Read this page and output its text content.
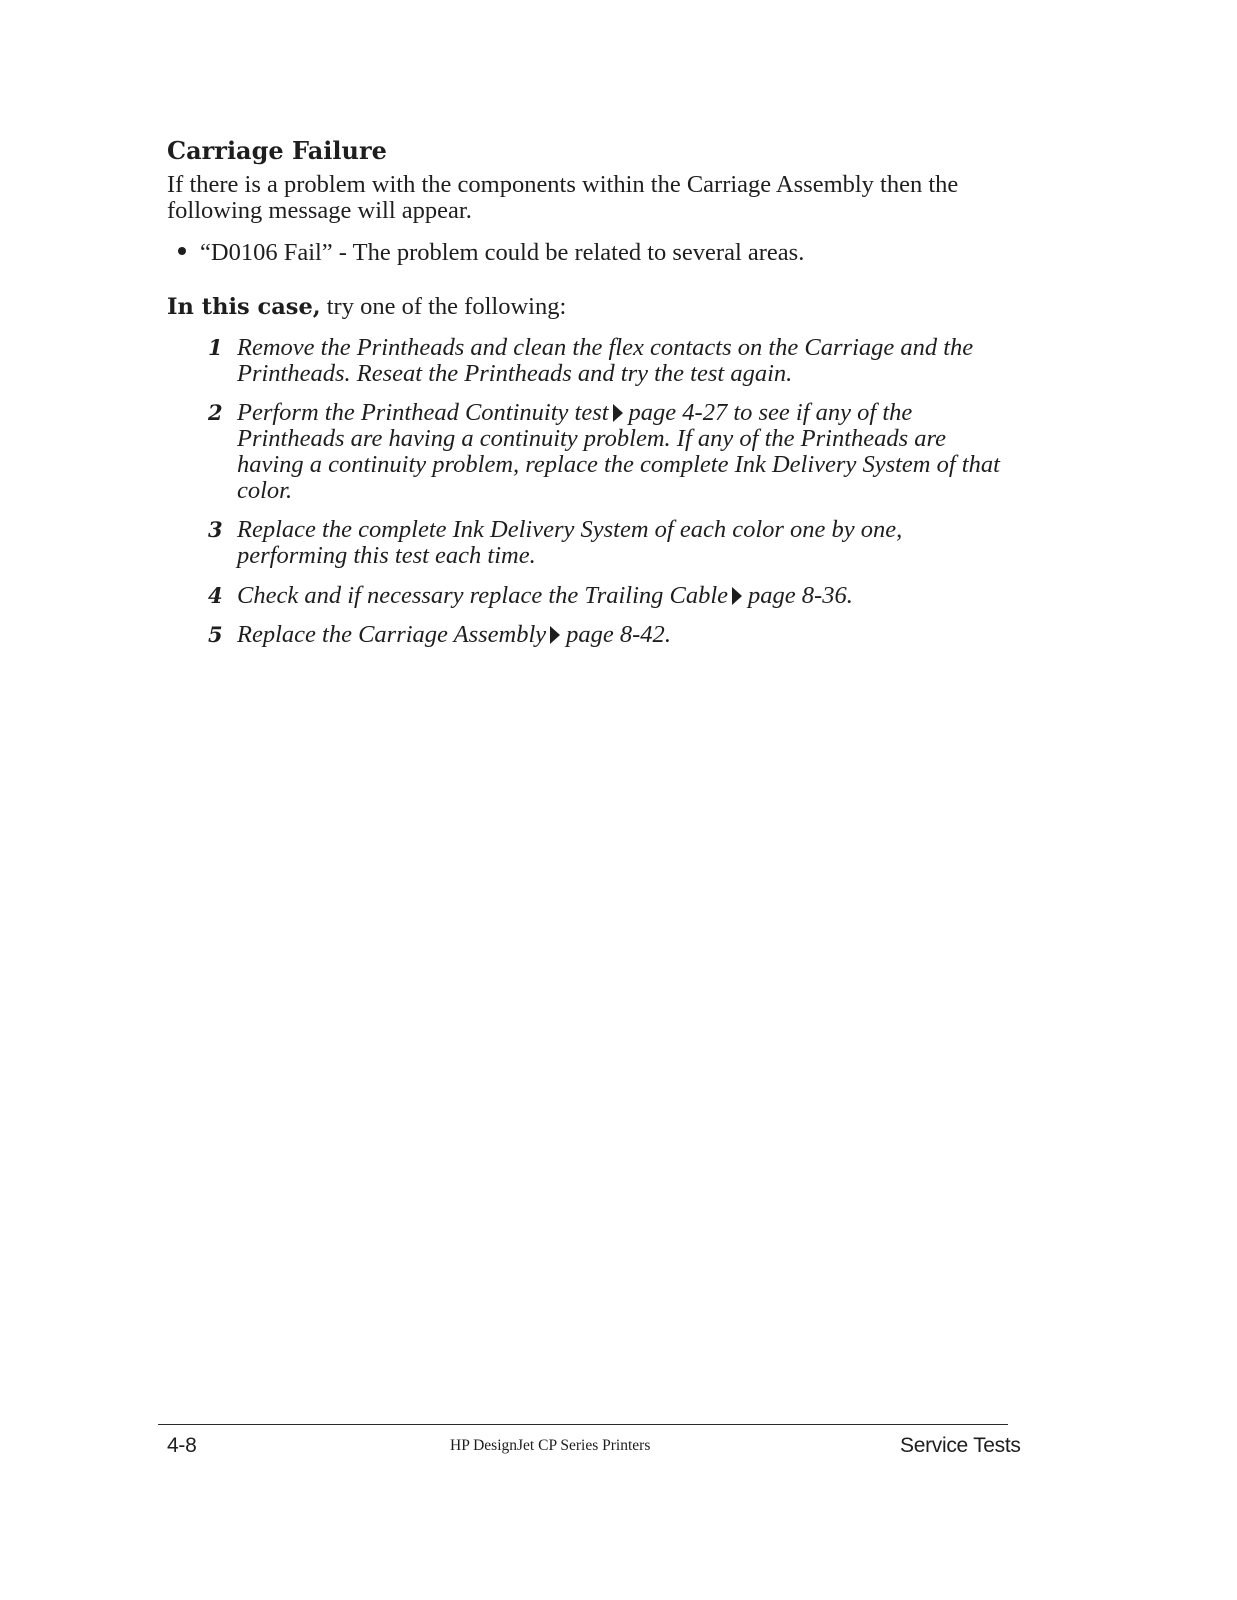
Carriage Failure

If there is a problem with the components within the Carriage Assembly then the following message will appear.

“D0106 Fail” - The problem could be related to several areas.
In this case, try one of the following:
1 Remove the Printheads and clean the flex contacts on the Carriage and the Printheads. Reseat the Printheads and try the test again.
2 Perform the Printhead Continuity test page 4-27 to see if any of the Printheads are having a continuity problem. If any of the Printheads are having a continuity problem, replace the complete Ink Delivery System of that color.
3 Replace the complete Ink Delivery System of each color one by one, performing this test each time.
4 Check and if necessary replace the Trailing Cable page 8-36.
5 Replace the Carriage Assembly page 8-42.
4-8	HP DesignJet CP Series Printers	Service Tests
